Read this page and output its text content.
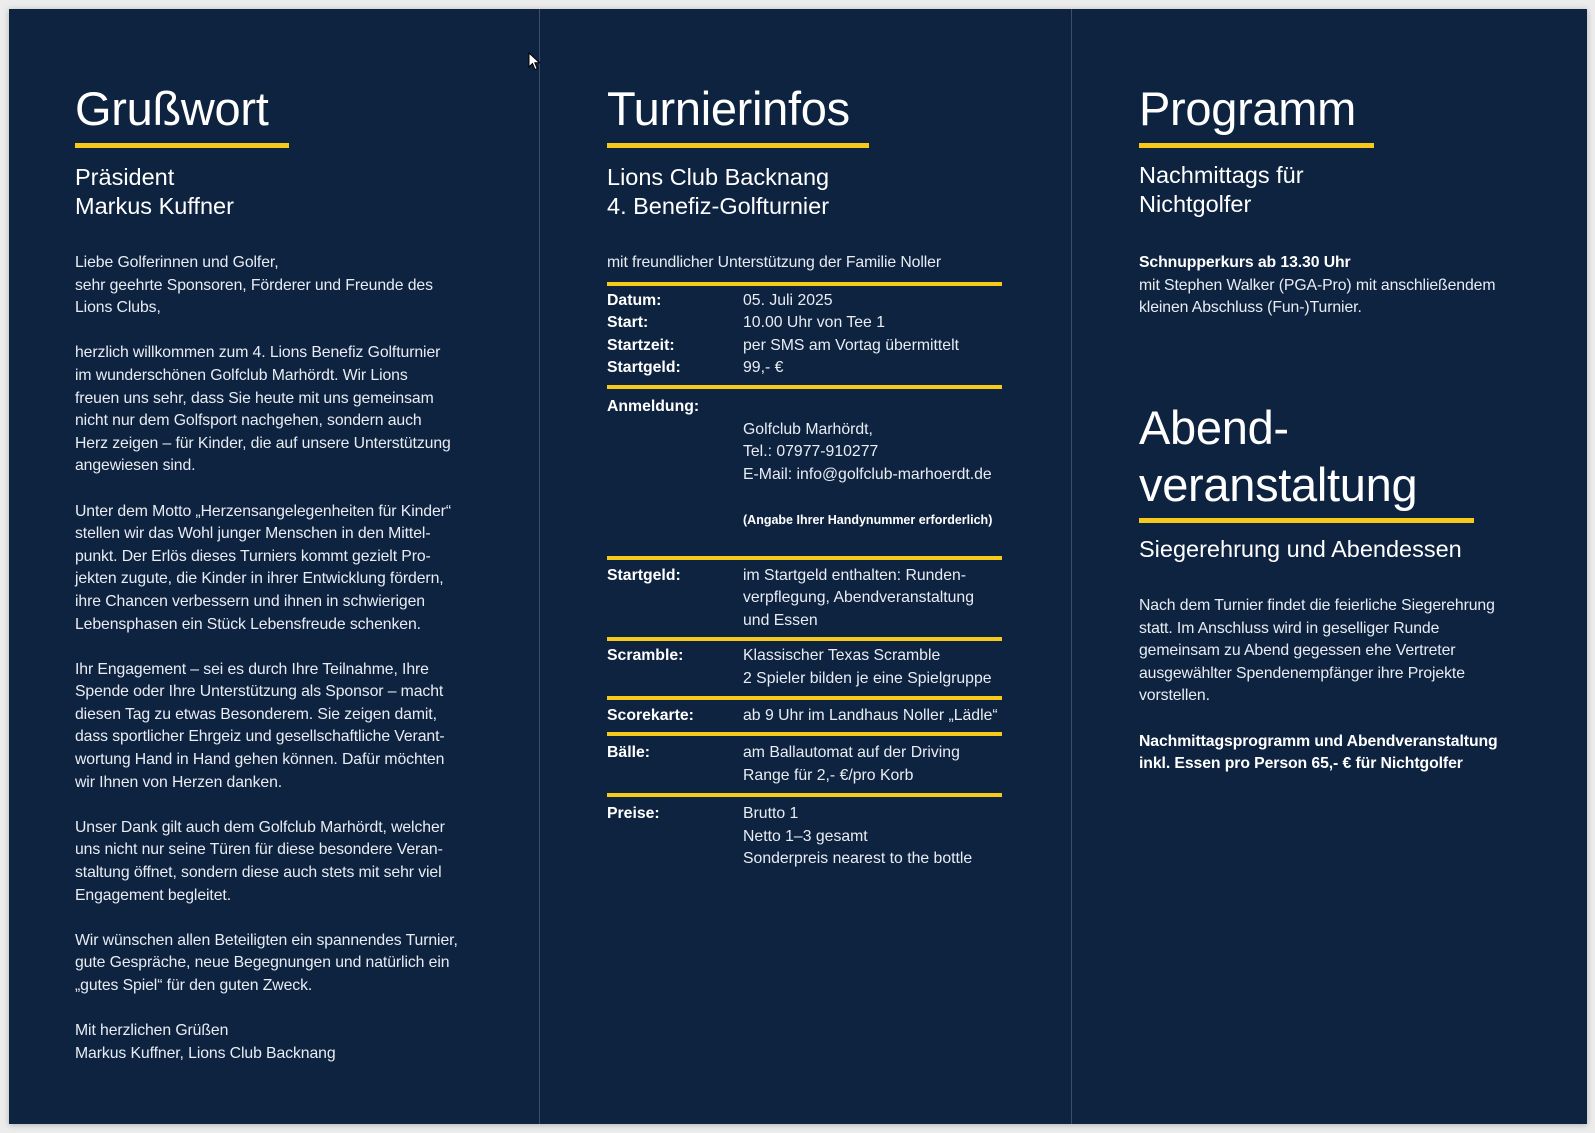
Grußwort
Präsident
Markus Kuffner

Liebe Golferinnen und Golfer,
sehr geehrte Sponsoren, Förderer und Freunde des
Lions Clubs,

herzlich willkommen zum 4. Lions Benefiz Golfturnier
im wunderschönen Golfclub Marhördt. Wir Lions
freuen uns sehr, dass Sie heute mit uns gemeinsam
nicht nur dem Golfsport nachgehen, sondern auch
Herz zeigen – für Kinder, die auf unsere Unterstützung
angewiesen sind.

Unter dem Motto „Herzensangelegenheiten für Kinder“
stellen wir das Wohl junger Menschen in den Mittel-
punkt. Der Erlös dieses Turniers kommt gezielt Pro-
jekten zugute, die Kinder in ihrer Entwicklung fördern,
ihre Chancen verbessern und ihnen in schwierigen
Lebensphasen ein Stück Lebensfreude schenken.

Ihr Engagement – sei es durch Ihre Teilnahme, Ihre
Spende oder Ihre Unterstützung als Sponsor – macht
diesen Tag zu etwas Besonderem. Sie zeigen damit,
dass sportlicher Ehrgeiz und gesellschaftliche Verant-
wortung Hand in Hand gehen können. Dafür möchten
wir Ihnen von Herzen danken.

Unser Dank gilt auch dem Golfclub Marhördt, welcher
uns nicht nur seine Türen für diese besondere Veran-
staltung öffnet, sondern diese auch stets mit sehr viel
Engagement begleitet.

Wir wünschen allen Beteiligten ein spannendes Turnier,
gute Gespräche, neue Begegnungen und natürlich ein
„gutes Spiel“ für den guten Zweck.

Mit herzlichen Grüßen
Markus Kuffner, Lions Club Backnang

Turnierinfos
Lions Club Backnang
4. Benefiz-Golfturnier
mit freundlicher Unterstützung der Familie Noller
Datum:	05. Juli 2025
Start:	10.00 Uhr von Tee 1
Startzeit:	per SMS am Vortag übermittelt
Startgeld:	99,- €
Anmeldung:

Golfclub Marhördt,
Tel.: 07977-910277
E-Mail: info@golfclub-marhoerdt.de

(Angabe Ihrer Handynummer erforderlich)

Startgeld:	im Startgeld enthalten: Runden-
verpflegung, Abendveranstaltung
und Essen
Scramble:	Klassischer Texas Scramble
2 Spieler bilden je eine Spielgruppe
Scorekarte:	ab 9 Uhr im Landhaus Noller „Lädle“
Bälle:	am Ballautomat auf der Driving
Range für 2,- €/pro Korb
Preise:	Brutto 1
Netto 1–3 gesamt
Sonderpreis nearest to the bottle
Programm
Nachmittags für
Nichtgolfer

Schnupperkurs ab 13.30 Uhr

mit Stephen Walker (PGA-Pro) mit anschließendem
kleinen Abschluss (Fun-)Turnier.

Abend-
veranstaltung
Siegerehrung und Abendessen

Nach dem Turnier findet die feierliche Siegerehrung
statt. Im Anschluss wird in geselliger Runde
gemeinsam zu Abend gegessen ehe Vertreter
ausgewählter Spendenempfänger ihre Projekte
vorstellen.

Nachmittagsprogramm und Abendveranstaltung
inkl. Essen pro Person 65,- € für Nichtgolfer
